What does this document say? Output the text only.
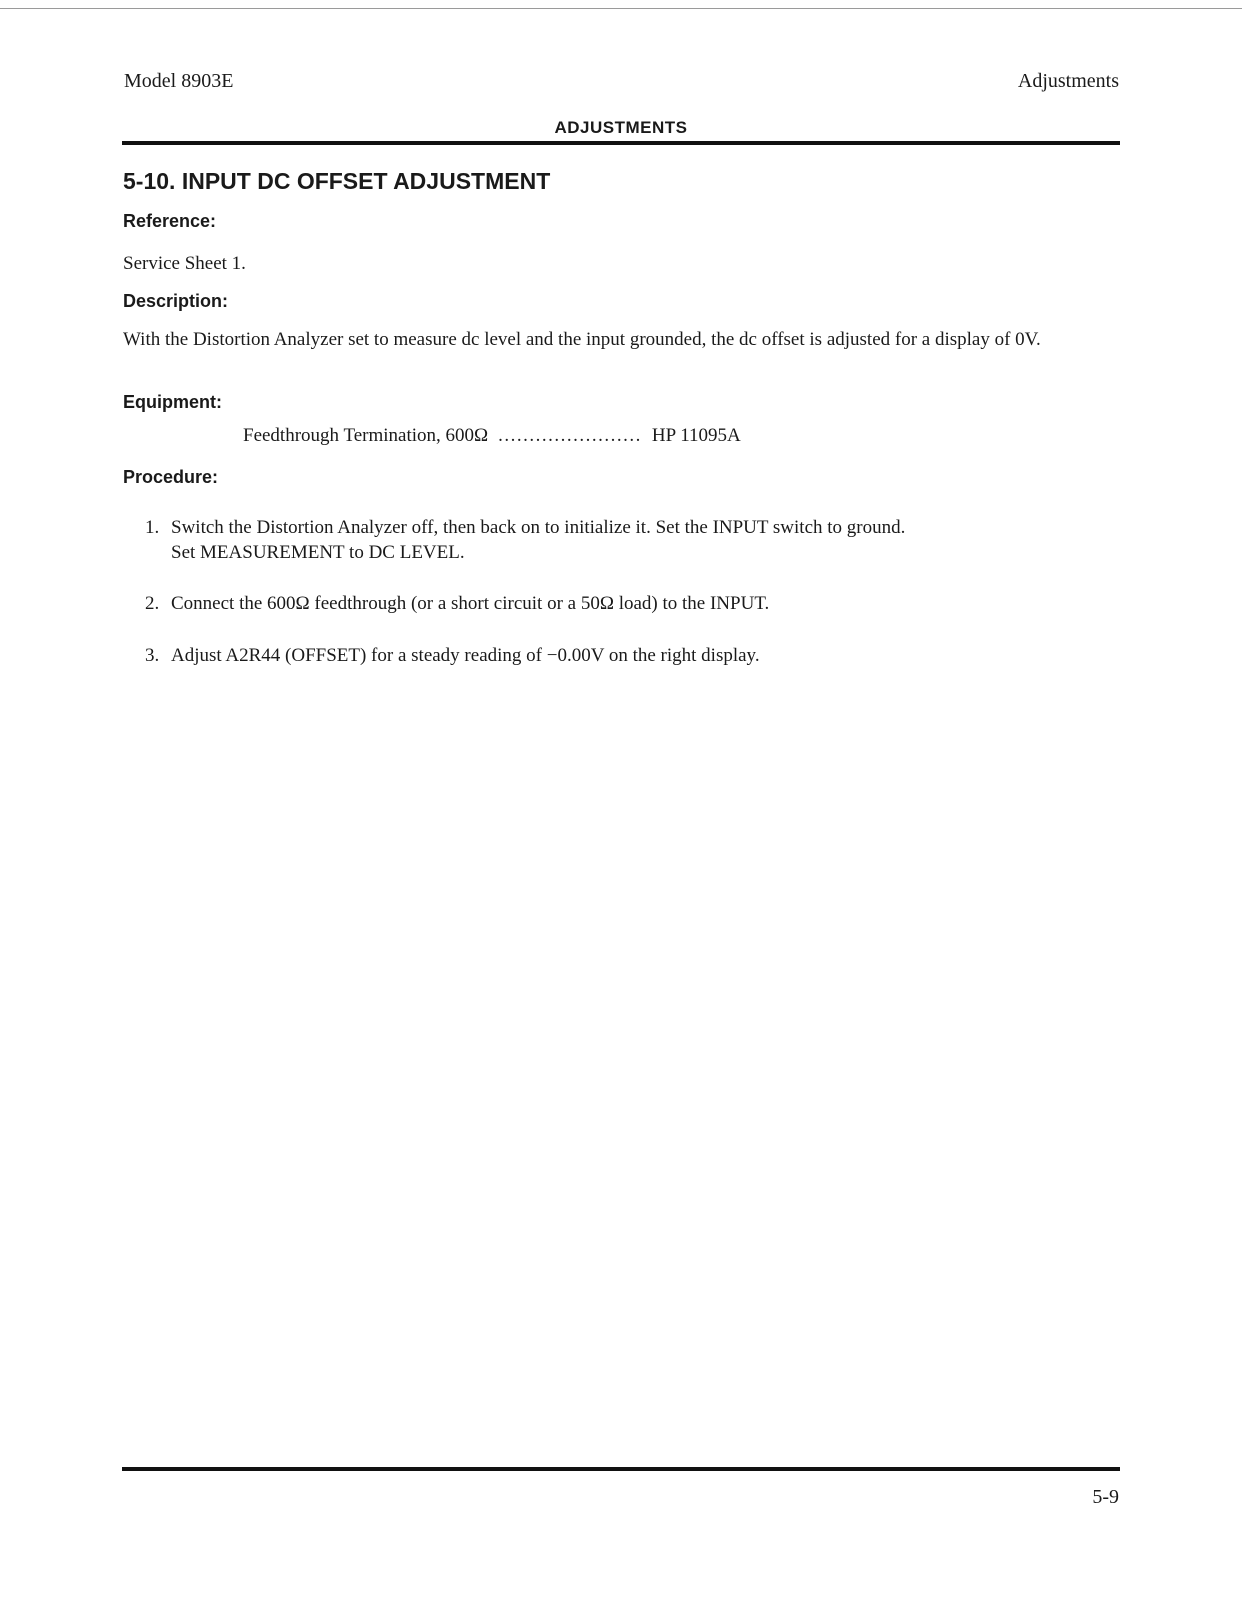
Model 8903E	Adjustments
ADJUSTMENTS
5-10. INPUT DC OFFSET ADJUSTMENT
Reference:
Service Sheet 1.
Description:
With the Distortion Analyzer set to measure dc level and the input grounded, the dc offset is adjusted for a display of 0V.
Equipment:
Feedthrough Termination, 600Ω ....................... HP 11095A
Procedure:
1. Switch the Distortion Analyzer off, then back on to initialize it. Set the INPUT switch to ground.
Set MEASUREMENT to DC LEVEL.
2. Connect the 600Ω feedthrough (or a short circuit or a 50Ω load) to the INPUT.
3. Adjust A2R44 (OFFSET) for a steady reading of −0.00V on the right display.
5-9
